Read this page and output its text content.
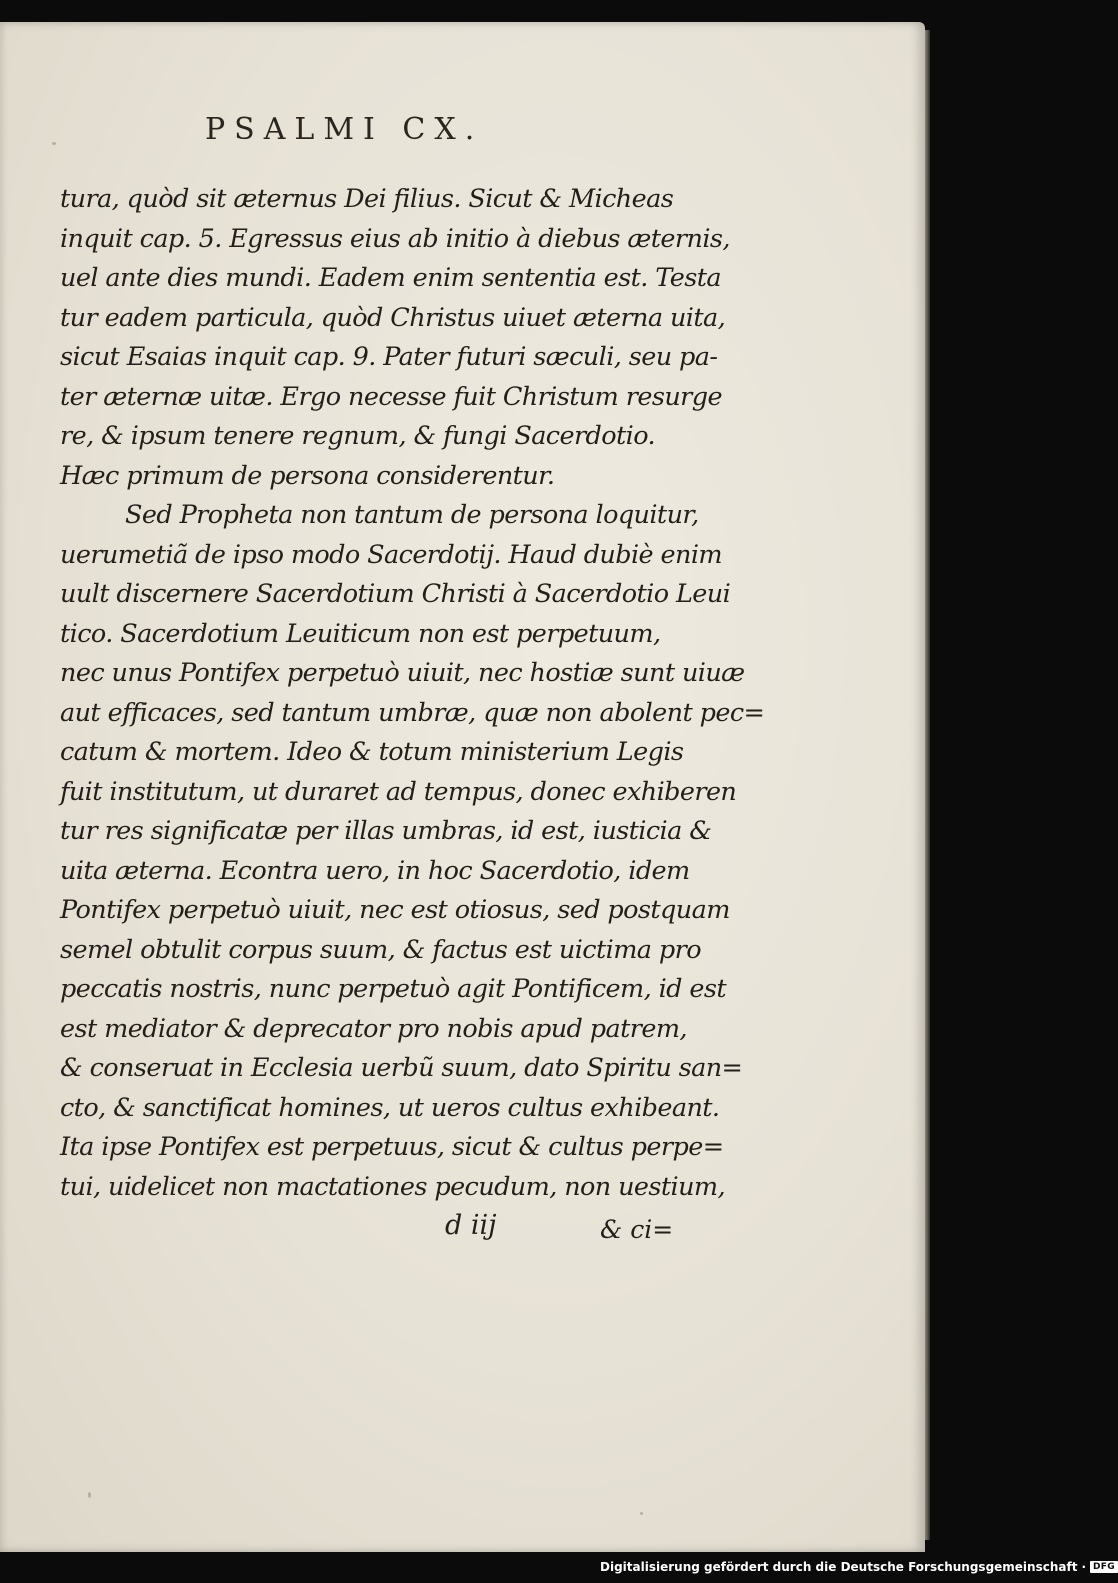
PSALMI CX.
tura, quòd sit æternus Dei filius. Sicut & Micheas
inquit cap. 5. Egressus eius ab initio à diebus æternis,
uel ante dies mundi. Eadem enim sententia est. Testa
tur eadem particula, quòd Christus uiuet æterna uita,
sicut Esaias inquit cap. 9. Pater futuri sæculi, seu pa-
ter æternæ uitæ. Ergo necesse fuit Christum resurge
re, & ipsum tenere regnum, & fungi Sacerdotio.
Hæc primum de persona considerentur.
Sed Propheta non tantum de persona loquitur,
uerumetiã de ipso modo Sacerdotij. Haud dubiè enim
uult discernere Sacerdotium Christi à Sacerdotio Leui
tico. Sacerdotium Leuiticum non est perpetuum,
nec unus Pontifex perpetuò uiuit, nec hostiæ sunt uiuæ
aut efficaces, sed tantum umbræ, quæ non abolent pec=
catum & mortem. Ideo & totum ministerium Legis
fuit institutum, ut duraret ad tempus, donec exhiberen
tur res significatæ per illas umbras, id est, iusticia &
uita æterna. Econtra uero, in hoc Sacerdotio, idem
Pontifex perpetuò uiuit, nec est otiosus, sed postquam
semel obtulit corpus suum, & factus est uictima pro
peccatis nostris, nunc perpetuò agit Pontificem, id est
est mediator & deprecator pro nobis apud patrem,
& conseruat in Ecclesia uerbũ suum, dato Spiritu san=
cto, & sanctificat homines, ut ueros cultus exhibeant.
Ita ipse Pontifex est perpetuus, sicut & cultus perpe=
tui, uidelicet non mactationes pecudum, non uestium,
d iij	& ci=
Digitalisierung gefördert durch die Deutsche Forschungsgemeinschaft · DFG
